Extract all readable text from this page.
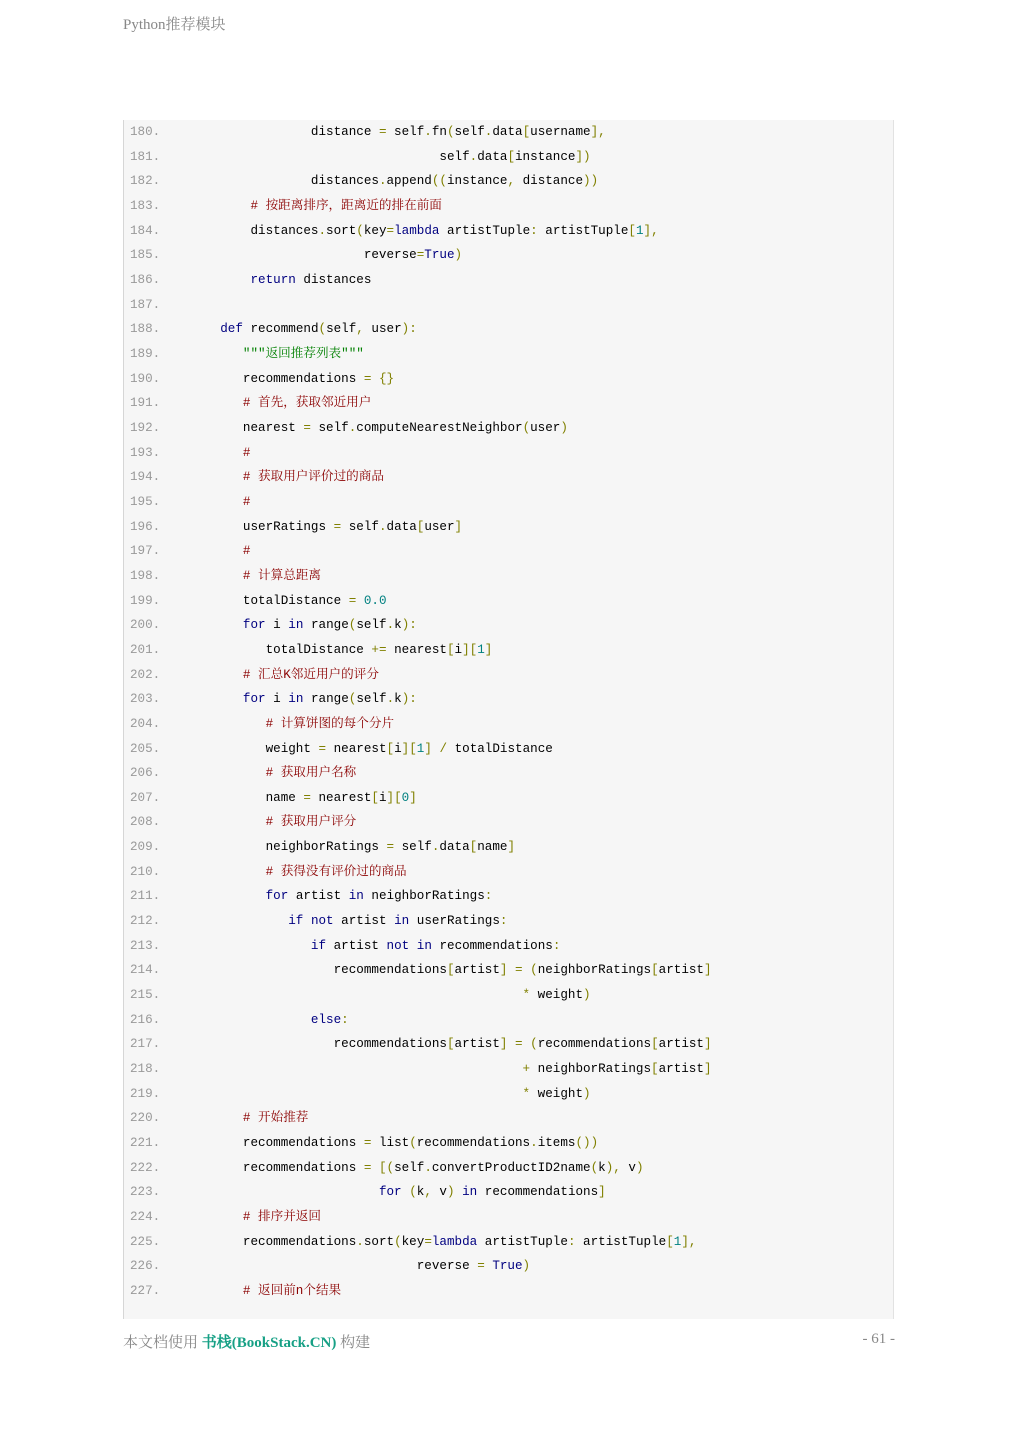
Python推荐模块
180.                distance = self.fn(self.data[username],
181.                                 self.data[instance])
182.                distances.append((instance, distance))
183.	# 按距离排序，距离近的排在前面
184.        distances.sort(key=lambda artistTuple: artistTuple[1],
185.                       reverse=True)
186.	return distances
187.
188.	def recommend(self, user):
189.	"""返回推荐列表"""
190.       recommendations = {}
191.	# 首先，获取邻近用户
192.       nearest = self.computeNearestNeighbor(user)
193.	#
194.	# 获取用户评价过的商品
195.	#
196.       userRatings = self.data[user]
197.	#
198.	# 计算总距离
199.       totalDistance = 0.0
200.	for i in range(self.k):
201.          totalDistance += nearest[i][1]
202.	# 汇总K邻近用户的评分
203.	for i in range(self.k):
204.	# 计算饼图的每个分片
205.          weight = nearest[i][1] / totalDistance
206.	# 获取用户名称
207.          name = nearest[i][0]
208.	# 获取用户评分
209.          neighborRatings = self.data[name]
210.	# 获得没有评价过的商品
211.	for artist in neighborRatings:
212.	if not artist in userRatings:
213.	if artist not in recommendations:
214.                   recommendations[artist] = (neighborRatings[artist]
215.	* weight)
216.	else:
217.                   recommendations[artist] = (recommendations[artist]
218.	+ neighborRatings[artist]
219.	* weight)
220.	# 开始推荐
221.       recommendations = list(recommendations.items())
222.       recommendations = [(self.convertProductID2name(k), v)
223.	for (k, v) in recommendations]
224.	# 排序并返回
225.       recommendations.sort(key=lambda artistTuple: artistTuple[1],
226.                              reverse = True)
227.	# 返回前n个结果
本文档使用 书栈(BookStack.CN) 构建	- 61 -
